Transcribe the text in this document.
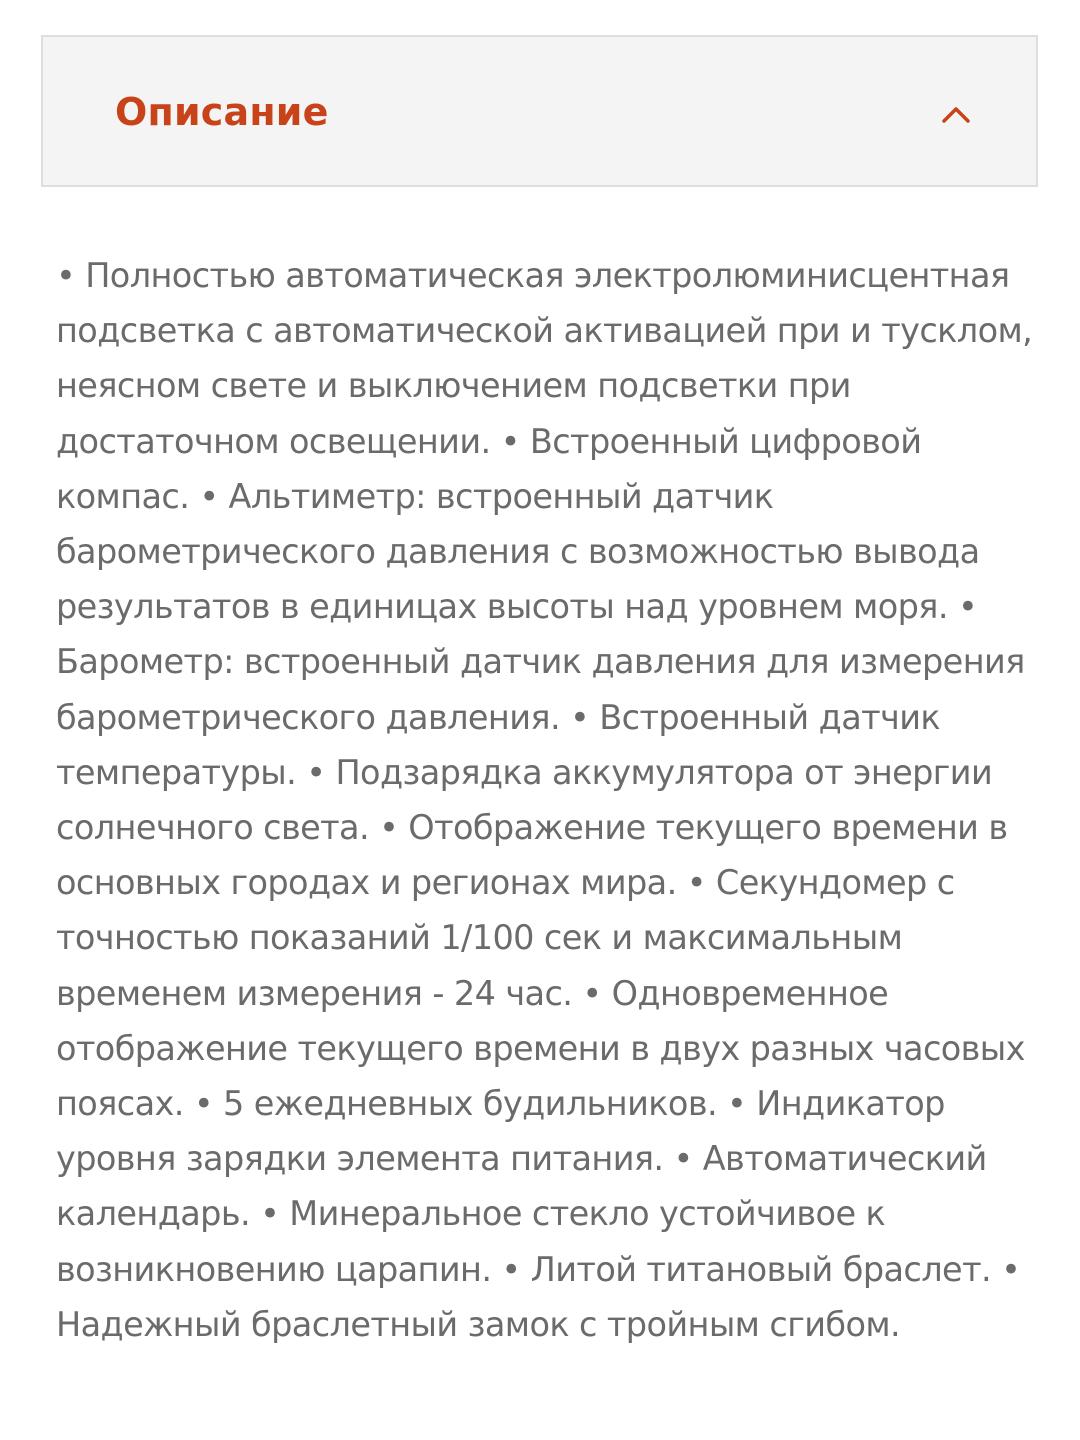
Описание

• Полностью автоматическая электролюминисцентная подсветка с автоматической активацией при и тусклом, неясном свете и выключением подсветки при достаточном освещении. • Встроенный цифровой компас. • Альтиметр: встроенный датчик барометрического давления с возможностью вывода результатов в единицах высоты над уровнем моря. • Барометр: встроенный датчик давления для измерения барометрического давления. • Встроенный датчик температуры. • Подзарядка аккумулятора от энергии солнечного света. • Отображение текущего времени в основных городах и регионах мира. • Секундомер с точностью показаний 1/100 сек и максимальным временем измерения - 24 час. • Одновременное отображение текущего времени в двух разных часовых поясах. • 5 ежедневных будильников. • Индикатор уровня зарядки элемента питания. • Автоматический календарь. • Минеральное стекло устойчивое к возникновению царапин. • Литой титановый браслет. • Надежный браслетный замок с тройным сгибом.
